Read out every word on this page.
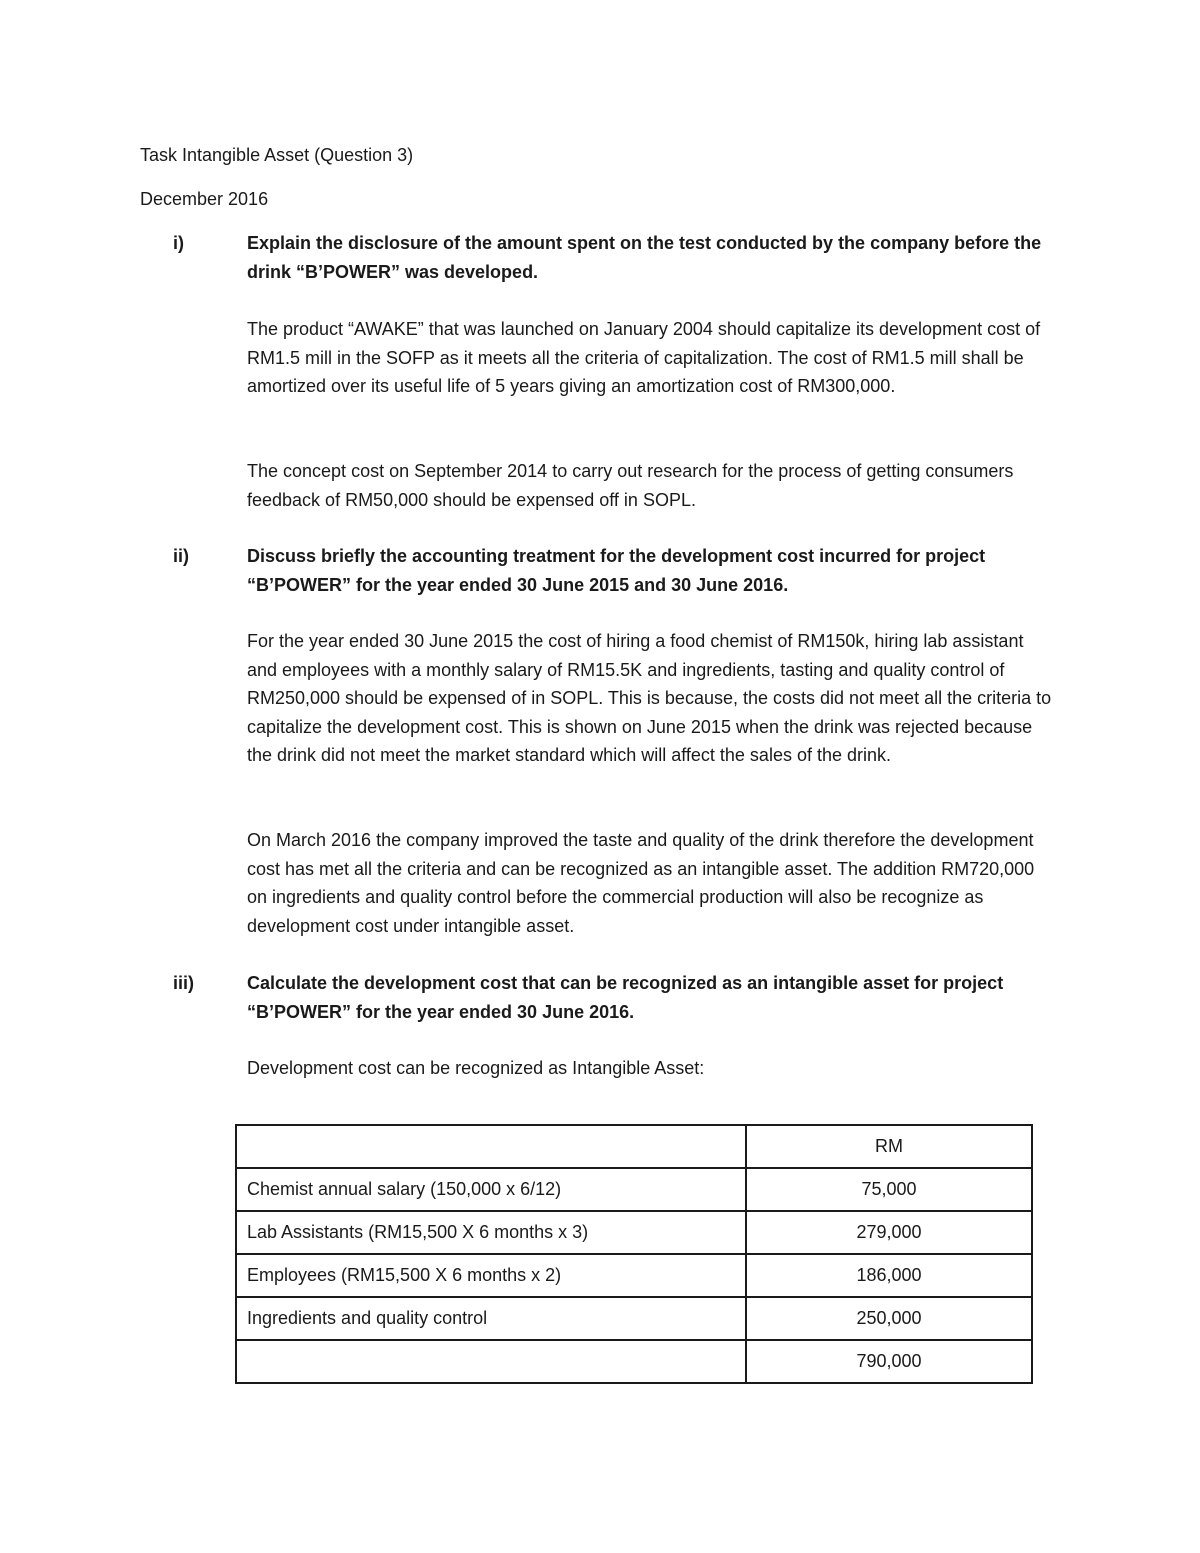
Task Intangible Asset (Question 3)
December 2016
i)	Explain the disclosure of the amount spent on the test conducted by the company before the drink “B’POWER” was developed.
The product “AWAKE” that was launched on January 2004 should capitalize its development cost of RM1.5 mill in the SOFP as it meets all the criteria of capitalization. The cost of RM1.5 mill shall be amortized over its useful life of 5 years giving an amortization cost of RM300,000.
The concept cost on September 2014 to carry out research for the process of getting consumers feedback of RM50,000 should be expensed off in SOPL.
ii)	Discuss briefly the accounting treatment for the development cost incurred for project “B’POWER” for the year ended 30 June 2015 and 30 June 2016.
For the year ended 30 June 2015 the cost of hiring a food chemist of RM150k, hiring lab assistant and employees with a monthly salary of RM15.5K and ingredients, tasting and quality control of RM250,000 should be expensed of in SOPL. This is because, the costs did not meet all the criteria to capitalize the development cost. This is shown on June 2015 when the drink was rejected because the drink did not meet the market standard which will affect the sales of the drink.
On March 2016 the company improved the taste and quality of the drink therefore the development cost has met all the criteria and can be recognized as an intangible asset. The addition RM720,000 on ingredients and quality control before the commercial production will also be recognize as development cost under intangible asset.
iii)	Calculate the development cost that can be recognized as an intangible asset for project “B’POWER” for the year ended 30 June 2016.
Development cost can be recognized as Intangible Asset:
	RM
Chemist annual salary (150,000 x 6/12)	75,000
Lab Assistants (RM15,500 X 6 months x 3)	279,000
Employees (RM15,500 X 6 months x 2)	186,000
Ingredients and quality control	250,000
	790,000
